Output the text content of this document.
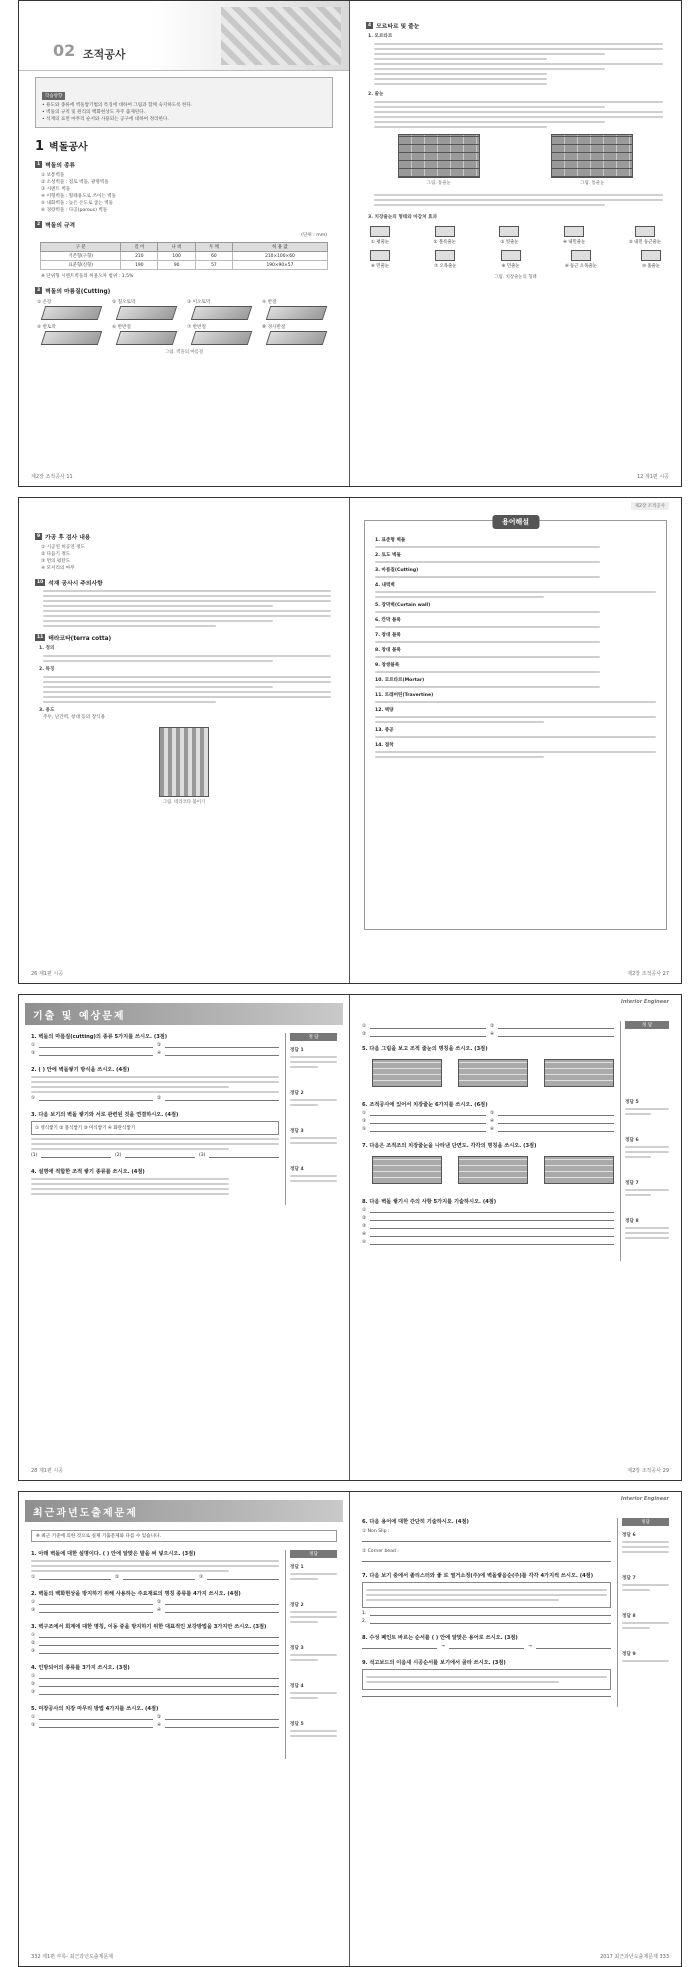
02 조적공사
학습방향
• 용도와 종류에 벽돌쌓기법의 특징에 대하여 그림과 함께 숙지하도록 한다.
• 벽돌의 규칙 및 원리의 백화현상도 자주 출제된다.
• 석재의 표면 마무리 순서와 사용되는 공구에 대하여 정리한다.
1 벽돌공사
1 벽돌의 종류
① 보통벽돌
② 소성벽돌 : 점토 벽돌, 광명벽돌
③ 시멘트 벽돌
④ 이형벽돌 : 형태용도로 쓰이는 벽돌
⑤ 내화벽돌 : 높은 온도로 굽는 벽돌
⑥ 경량벽돌 : 다공(porous) 벽돌
2 벽돌의 규격
(단위 : mm)
구 분	길 이	나 비	두 께	허 용 값
기존형(구형)	210	100	60	210×100×60
표준형(신형)	190	90	57	190×90×57
※ 단위형 시멘트벽돌의 허용오차 범위 : 1.5%
3 벽돌의 마름질(Cutting)
① 온장	② 칠오토막	③ 이오토막	④ 반절
⑤ 반토막	⑥ 반반절	⑦ 반반절	⑧ 경사반절
그림. 벽돌의 마름질
제2장 조적공사 11
4 모르타르 및 줄눈
1. 모르타르
2. 줄눈
그림. 통줄눈	그림. 통줄눈
3. 치장줄눈의 형태와 마감처 효과
① 평줄눈	② 볼록줄눈	③ 빗줄눈	④ 내민줄눈	⑤ 내민 둥근줄눈
⑥ 민줄눈	⑦ 오목줄눈	⑧ 민줄눈	⑨ 둥근 오목줄눈	⑩ 홈줄눈
그림. 치장줄눈의 형태
12 제1편 시공
9 가공 후 검사 내용
① 시공연 허공연 정도
② 다듬기 정도
③ 면의 평탄도
④ 모서리의 마무
10 석재 공사시 주의사항
11 테라코타(terra cotta)
1. 정의
2. 특징
3. 용도
주두, 난간벽, 창대 등의 장식용
그림. 테라코타 붙이기
26 제1편 시공
제2장 조적공사
용어해설
1. 표준형 벽돌
2. 토도 벽돌
3. 마름질(Cutting)
4. 내력벽
5. 장막벽(Curtain wall)
6. 칸막 블록
7. 창대 블록
8. 창대 블록
9. 창쌍블록
10. 모르타르(Mortar)
11. 트래버틴(Travertine)
12. 벽량
13. 중공
14. 접착
제2장 조적공사 27
기출 및 예상문제
1. 벽돌의 마름질(cutting)의 종류 5가지를 쓰시오. (3점)
①	②
③	④
2. ( ) 안에 벽돌쌓기 방식을 쓰시오. (4점)
①	②
3. 다음 보기의 벽돌 쌓기와 서로 관련된 것을 연결하시오. (4점)
① 영식쌓기 ② 불식쌓기 ③ 미식쌓기 ④ 화란식쌓기
(1)	(2)	(3)
4. 설명에 적합한 조적 쌓기 종류를 쓰시오. (4점)
정 답
정답 1
정답 2
정답 3
정답 4
28 제1편 시공
Interior Engineer
①	②
③	④
5. 다음 그림을 보고 조적 줄눈의 명칭을 쓰시오. (3점)
6. 조적공사에 있어서 치장줄눈 6가지를 쓰시오. (6점)
①	②
③	④
⑤	⑥
7. 다음은 조적조의 치장줄눈을 나타낸 단면도. 각각의 명칭을 쓰시오. (3점)
8. 다음 벽돌 쌓기시 주의 사항 5가지를 기술하시오. (4점)
①
②
③
④
⑤
정 답
정답 5
정답 6
정답 7
정답 8
제2장 조적공사 29
최근과년도출제문제
※ 최근 기준에 의한 것으로 실제 기출문제와 다를 수 있습니다.
1. 아래 벽돌에 대한 설명이다. ( ) 안에 알맞은 말을 써 넣으시오. (3점)
①	②	③
2. 벽돌의 백화현상을 방지하기 위해 사용하는 주요재료의 명칭 종류를 4가지 쓰시오. (4점)
①	②
③	④
3. 벽구조에서 회계에 대한 명칭, 이동 중을 방지하기 위한 대표적인 보강방법을 3가지만 쓰시오. (3점)
①
②
③
4. 인방되어의 종류를 3가지 쓰시오. (3점)
①
②
③
5. 미장공사의 치장 마무리 방법 4가지를 쓰시오. (4점)
①	②
③	④
정답
정답 1
정답 2
정답 3
정답 4
정답 5
332 제1편 부록- 최근과년도출제문제
Interior Engineer
6. 다음 용어에 대한 간단히 기술하시오. (4점)
① Non Slip :
② Corner bead :
7. 다음 보기 중에서 졸리스터와 좋 로 열거소정(주)에 벽돌쌓음순(주)를 각각 4가지씩 쓰시오. (4점)
1.
2.
8. 수성 페인트 바르는 순서를 ( ) 안에 알맞은 용어로 쓰시오. (3점)
→	→
9. 석고보드의 이음새 시공순서를 보기에서 골라 쓰시오. (3점)
정답
정답 6
정답 7
정답 8
정답 9
2017 최근과년도출제문제 333
